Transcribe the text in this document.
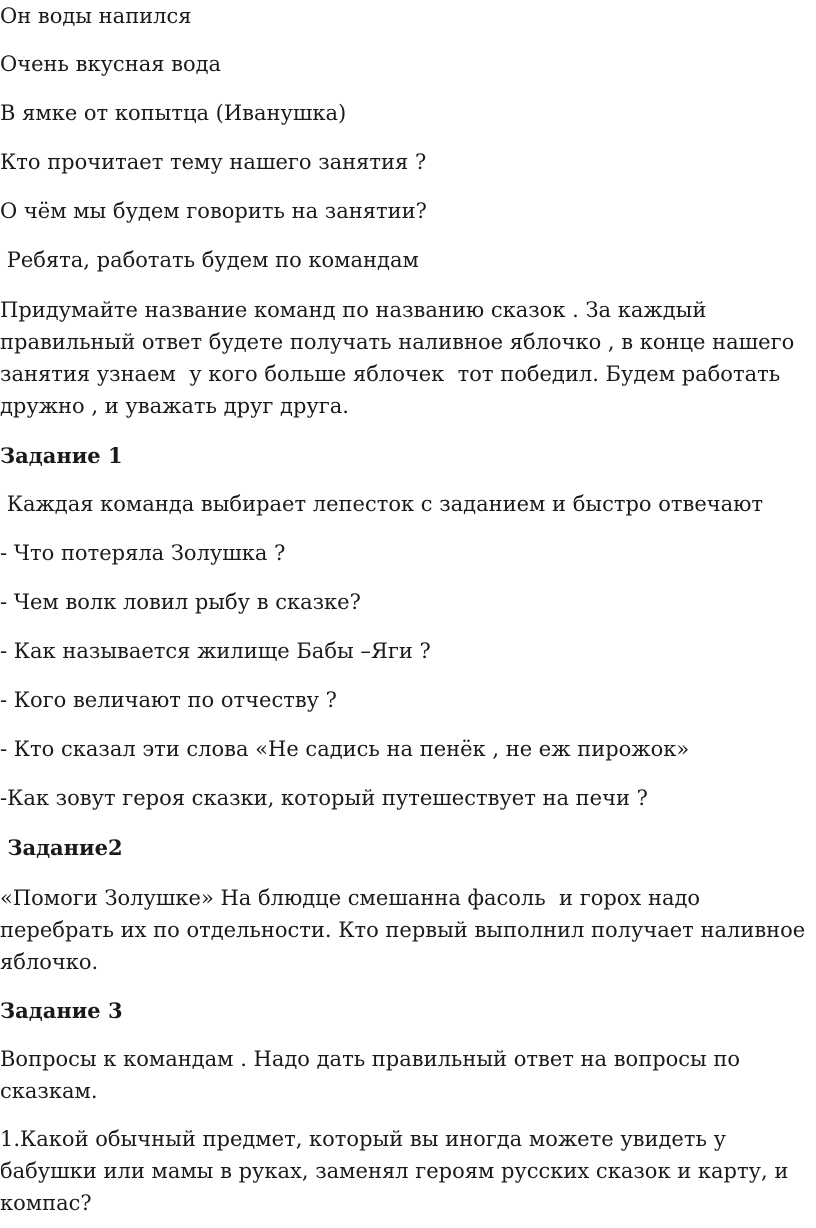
Он воды напился

Очень вкусная вода

В ямке от копытца (Иванушка)

Кто прочитает тему нашего занятия ?

О чём мы будем говорить на занятии?

Ребята, работать будем по командам

Придумайте название команд по названию сказок . За каждый правильный ответ будете получать наливное яблочко , в конце нашего занятия узнаем  у кого больше яблочек  тот победил. Будем работать дружно , и уважать друг друга.

Задание 1

Каждая команда выбирает лепесток с заданием и быстро отвечают

- Что потеряла Золушка ?

- Чем волк ловил рыбу в сказке?

- Как называется жилище Бабы –Яги ?

- Кого величают по отчеству ?

- Кто сказал эти слова «Не садись на пенёк , не еж пирожок»

-Как зовут героя сказки, который путешествует на печи ?

Задание2

«Помоги Золушке» На блюдце смешанна фасоль  и горох надо перебрать их по отдельности. Кто первый выполнил получает наливное яблочко.

Задание 3

Вопросы к командам . Надо дать правильный ответ на вопросы по сказкам.

1.Какой обычный предмет, который вы иногда можете увидеть у бабушки или мамы в руках, заменял героям русских сказок и карту, и компас?
